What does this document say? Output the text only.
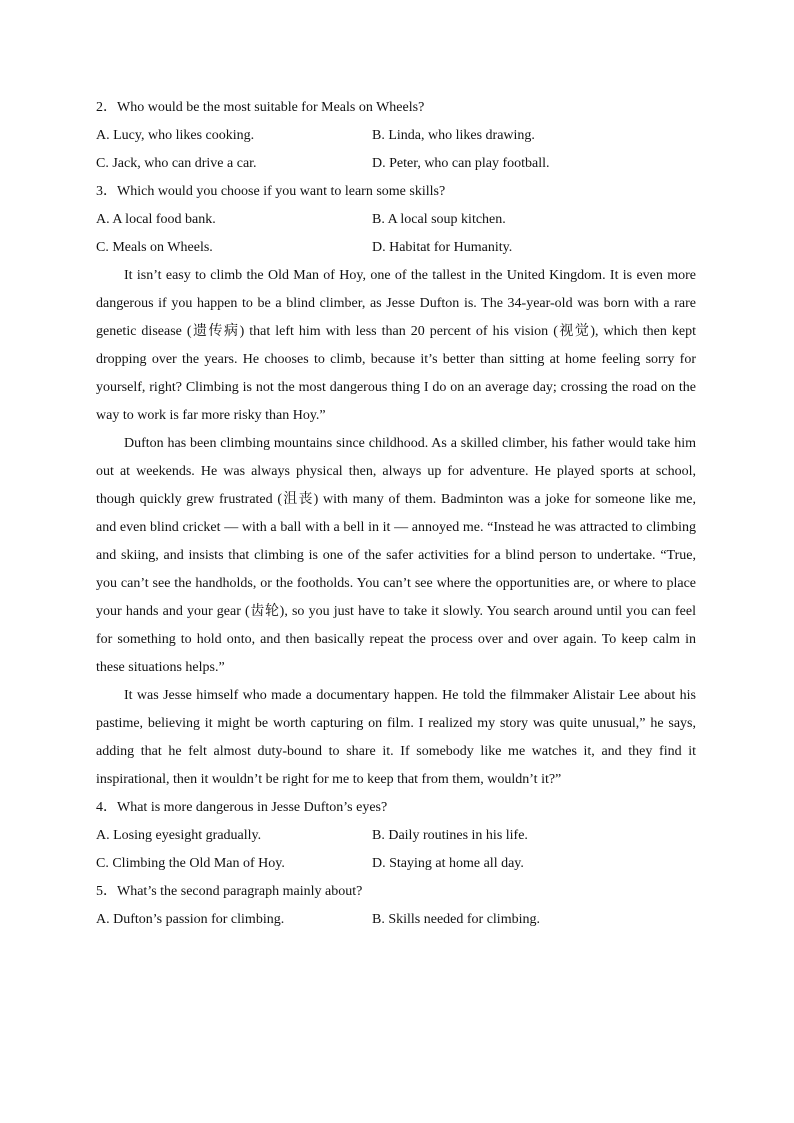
2．Who would be the most suitable for Meals on Wheels?
A. Lucy, who likes cooking.	B. Linda, who likes drawing.
C. Jack, who can drive a car.	D. Peter, who can play football.
3．Which would you choose if you want to learn some skills?
A. A local food bank.	B. A local soup kitchen.
C. Meals on Wheels.	D. Habitat for Humanity.

It isn’t easy to climb the Old Man of Hoy, one of the tallest in the United Kingdom. It is even more dangerous if you happen to be a blind climber, as Jesse Dufton is. The 34-year-old was born with a rare genetic disease (遗传病) that left him with less than 20 percent of his vision (视觉), which then kept dropping over the years. He chooses to climb, because it’s better than sitting at home feeling sorry for yourself, right? Climbing is not the most dangerous thing I do on an average day; crossing the road on the way to work is far more risky than Hoy.”

Dufton has been climbing mountains since childhood. As a skilled climber, his father would take him out at weekends. He was always physical then, always up for adventure. He played sports at school, though quickly grew frustrated (沮丧) with many of them. Badminton was a joke for someone like me, and even blind cricket — with a ball with a bell in it — annoyed me. “Instead he was attracted to climbing and skiing, and insists that climbing is one of the safer activities for a blind person to undertake. “True, you can’t see the handholds, or the footholds. You can’t see where the opportunities are, or where to place your hands and your gear (齿轮), so you just have to take it slowly. You search around until you can feel for something to hold onto, and then basically repeat the process over and over again. To keep calm in these situations helps.”

It was Jesse himself who made a documentary happen. He told the filmmaker Alistair Lee about his pastime, believing it might be worth capturing on film. I realized my story was quite unusual,” he says, adding that he felt almost duty-bound to share it. If somebody like me watches it, and they find it inspirational, then it wouldn’t be right for me to keep that from them, wouldn’t it?”

4．What is more dangerous in Jesse Dufton’s eyes?
A. Losing eyesight gradually.	B. Daily routines in his life.
C. Climbing the Old Man of Hoy.	D. Staying at home all day.
5．What’s the second paragraph mainly about?
A. Dufton’s passion for climbing.	B. Skills needed for climbing.
